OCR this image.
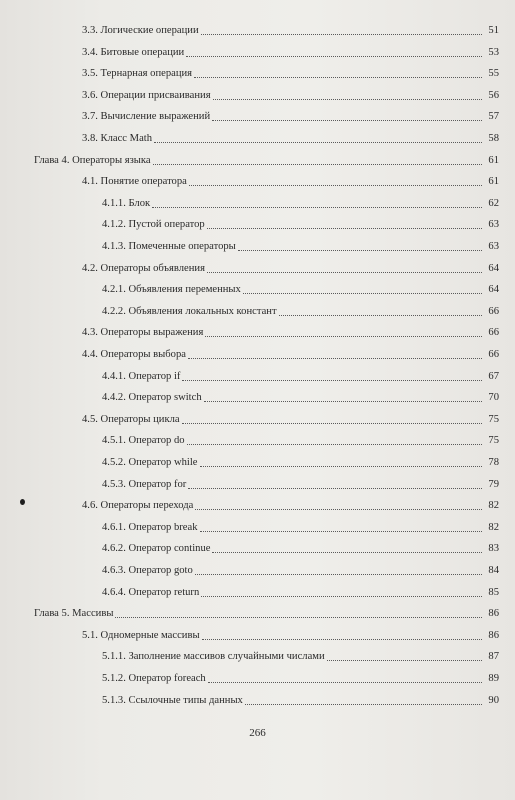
3.3. Логические операции	51
3.4. Битовые операции	53
3.5. Тернарная операция	55
3.6. Операции присваивания	56
3.7. Вычисление выражений	57
3.8. Класс Math	58
Глава 4. Операторы языка	61
4.1. Понятие оператора	61
4.1.1. Блок	62
4.1.2. Пустой оператор	63
4.1.3. Помеченные операторы	63
4.2. Операторы объявления	64
4.2.1. Объявления переменных	64
4.2.2. Объявления локальных констант	66
4.3. Операторы выражения	66
4.4. Операторы выбора	66
4.4.1. Оператор if	67
4.4.2. Оператор switch	70
4.5. Операторы цикла	75
4.5.1. Оператор do	75
4.5.2. Оператор while	78
4.5.3. Оператор for	79
4.6. Операторы перехода	82
4.6.1. Оператор break	82
4.6.2. Оператор continue	83
4.6.3. Оператор goto	84
4.6.4. Оператор return	85
Глава 5. Массивы	86
5.1. Одномерные массивы	86
5.1.1. Заполнение массивов случайными числами	87
5.1.2. Оператор foreach	89
5.1.3. Ссылочные типы данных	90
266
